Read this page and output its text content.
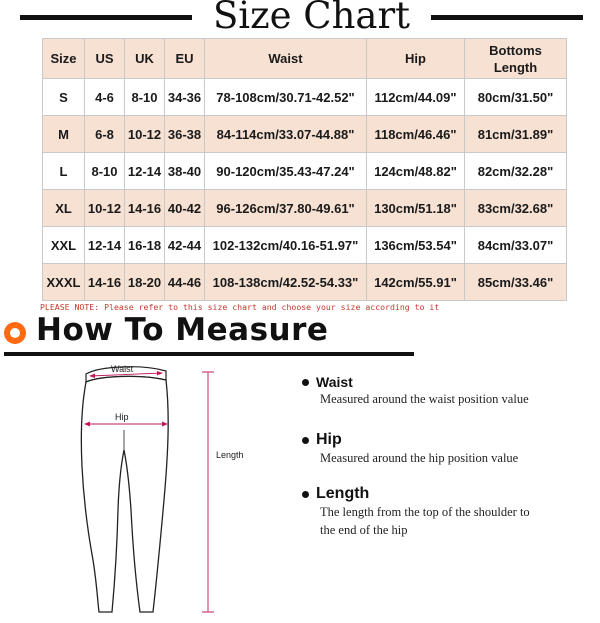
Size Chart
Size	US	UK	EU	Waist	Hip	Bottoms Length
S	4-6	8-10	34-36	78-108cm/30.71-42.52"	112cm/44.09"	80cm/31.50"
M	6-8	10-12	36-38	84-114cm/33.07-44.88"	118cm/46.46"	81cm/31.89"
L	8-10	12-14	38-40	90-120cm/35.43-47.24"	124cm/48.82"	82cm/32.28"
XL	10-12	14-16	40-42	96-126cm/37.80-49.61"	130cm/51.18"	83cm/32.68"
XXL	12-14	16-18	42-44	102-132cm/40.16-51.97"	136cm/53.54"	84cm/33.07"
XXXL	14-16	18-20	44-46	108-138cm/42.52-54.33"	142cm/55.91"	85cm/33.46"
PLEASE NOTE: Please refer to this size chart and choose your size according to it
How To Measure
Waist
Hip
Length
Waist
Measured around the waist position value
Hip
Measured around the hip position value
Length
The length from the top of the shoulder to
the end of the hip
